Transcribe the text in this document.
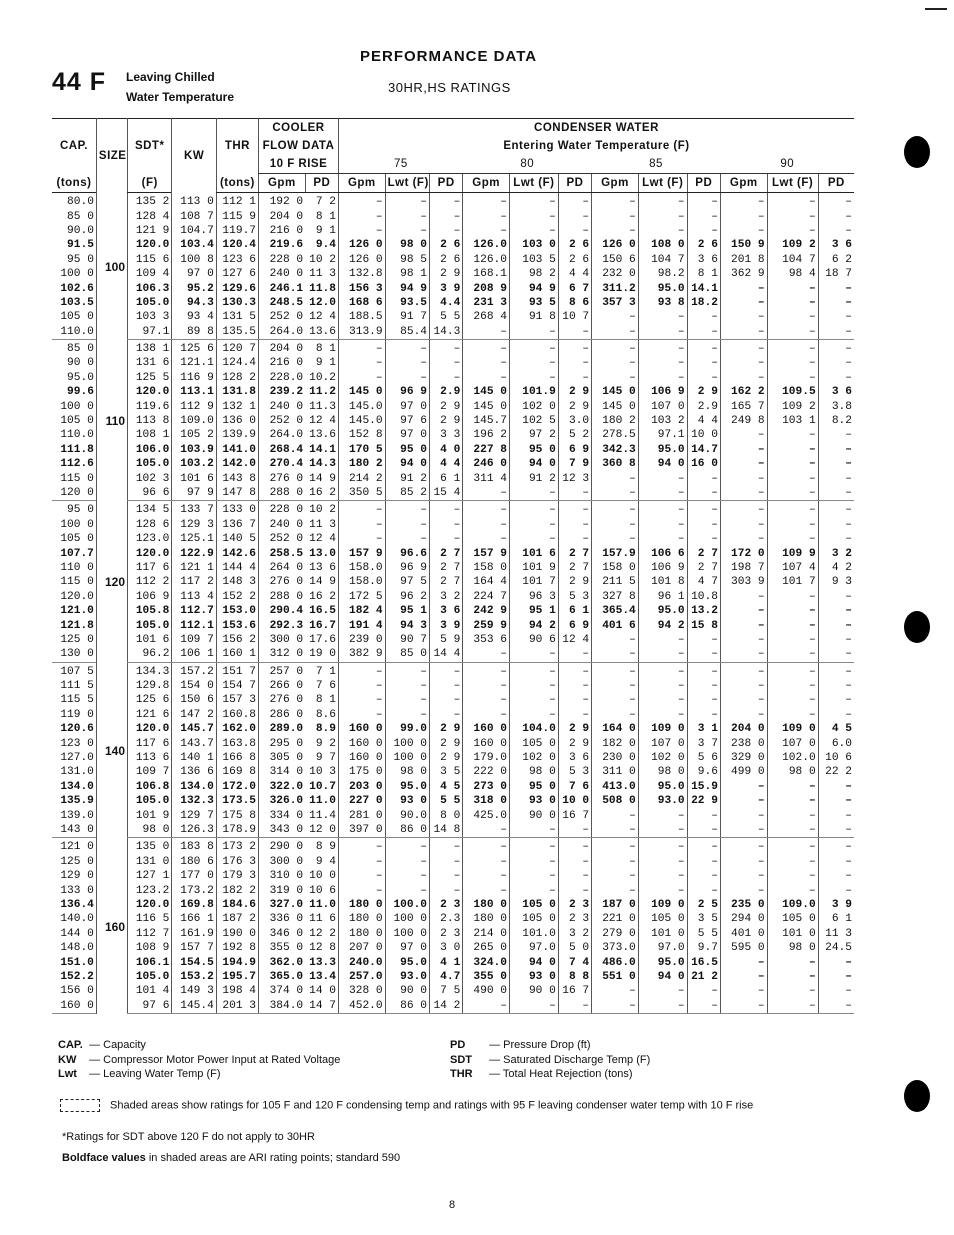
PERFORMANCE DATA
30HR,HS RATINGS
44 F Leaving Chilled
Water Temperature
CAP.	SIZE	SDT*	KW	THR	COOLER		CONDENSER WATER											
					FLOW DATA		Entering Water Temperature (F)											
					10 F RISE		75			80			85			90		
(tons)		(F)		(tons)	Gpm	PD	Gpm	Lwt (F)	PD	Gpm	Lwt (F)	PD	Gpm	Lwt (F)	PD	Gpm	Lwt (F)	PD
80.0	100	135 2	113 0	112 1	192 0	7 2	–	–	–	–	–	–	–	–	–	–	–	–
85 0		128 4	108 7	115 9	204 0	8 1	–	–	–	–	–	–	–	–	–	–	–	–
90.0		121 9	104.7	119.7	216 0	9 1	–	–	–	–	–	–	–	–	–	–	–	–
91.5		120.0	103.4	120.4	219.6	9.4	126 0	98 0	2 6	126.0	103 0	2 6	126 0	108 0	2 6	150 9	109 2	3 6
95 0		115 6	100 8	123 6	228 0	10 2	126 0	98 5	2 6	126.0	103 5	2 6	150 6	104 7	3 6	201 8	104 7	6 2
100 0		109 4	97 0	127 6	240 0	11 3	132.8	98 1	2 9	168.1	98 2	4 4	232 0	98.2	8 1	362 9	98 4	18 7
102.6		106.3	95.2	129.6	246.1	11.8	156 3	94 9	3 9	208 9	94 9	6 7	311.2	95.0	14.1	–	–	–
103.5		105.0	94.3	130.3	248.5	12.0	168 6	93.5	4.4	231 3	93 5	8 6	357 3	93 8	18.2	–	–	–
105 0		103 3	93 4	131 5	252 0	12 4	188.5	91 7	5 5	268 4	91 8	10 7	–	–	–	–	–	–
110.0		97.1	89 8	135.5	264.0	13.6	313.9	85.4	14.3	–	–	–	–	–	–	–	–	–
85 0	110	138 1	125 6	120 7	204 0	8 1	–	–	–	–	–	–	–	–	–	–	–	–
90 0		131 6	121.1	124.4	216 0	9 1	–	–	–	–	–	–	–	–	–	–	–	–
95.0		125 5	116 9	128 2	228.0	10.2	–	–	–	–	–	–	–	–	–	–	–	–
99.6		120.0	113.1	131.8	239.2	11.2	145 0	96 9	2.9	145 0	101.9	2 9	145 0	106 9	2 9	162 2	109.5	3 6
100 0		119.6	112 9	132 1	240 0	11.3	145.0	97 0	2 9	145 0	102 0	2 9	145 0	107 0	2.9	165 7	109 2	3.8
105 0		113 8	109.0	136 0	252 0	12 4	145.0	97 6	2 9	145.7	102 5	3.0	180 2	103 2	4 4	249 8	103 1	8.2
110.0		108 1	105 2	139.9	264.0	13.6	152 8	97 0	3 3	196 2	97 2	5 2	278.5	97.1	10 0	–	–	–
111.8		106.0	103.9	141.0	268.4	14.1	170 5	95 0	4 0	227 8	95 0	6 9	342.3	95.0	14.7	–	–	–
112.6		105.0	103.2	142.0	270.4	14.3	180 2	94 0	4 4	246 0	94 0	7 9	360 8	94 0	16 0	–	–	–
115 0		102 3	101 6	143 8	276 0	14 9	214 2	91 2	6 1	311 4	91 2	12 3	–	–	–	–	–	–
120 0		96 6	97 9	147 8	288 0	16 2	350 5	85 2	15 4	–	–	–	–	–	–	–	–	–
95 0	120	134 5	133 7	133 0	228 0	10 2	–	–	–	–	–	–	–	–	–	–	–	–
100 0		128 6	129 3	136 7	240 0	11 3	–	–	–	–	–	–	–	–	–	–	–	–
105 0		123.0	125.1	140 5	252 0	12 4	–	–	–	–	–	–	–	–	–	–	–	–
107.7		120.0	122.9	142.6	258.5	13.0	157 9	96.6	2 7	157 9	101 6	2 7	157.9	106 6	2 7	172 0	109 9	3 2
110 0		117 6	121 1	144 4	264 0	13 6	158.0	96 9	2 7	158 0	101 9	2 7	158 0	106 9	2 7	198 7	107 4	4 2
115 0		112 2	117 2	148 3	276 0	14 9	158.0	97 5	2 7	164 4	101 7	2 9	211 5	101 8	4 7	303 9	101 7	9 3
120.0		106 9	113 4	152 2	288 0	16 2	172 5	96 2	3 2	224 7	96 3	5 3	327 8	96 1	10.8	–	–	–
121.0		105.8	112.7	153.0	290.4	16.5	182 4	95 1	3 6	242 9	95 1	6 1	365.4	95.0	13.2	–	–	–
121.8		105.0	112.1	153.6	292.3	16.7	191 4	94 3	3 9	259 9	94 2	6 9	401 6	94 2	15 8	–	–	–
125 0		101 6	109 7	156 2	300 0	17.6	239 0	90 7	5 9	353 6	90 6	12 4	–	–	–	–	–	–
130 0		96.2	106 1	160 1	312 0	19 0	382 9	85 0	14 4	–	–	–	–	–	–	–	–	–
107 5	140	134.3	157.2	151 7	257 0	7 1	–	–	–	–	–	–	–	–	–	–	–	–
111 5		129.8	154 0	154 7	266 0	7 6	–	–	–	–	–	–	–	–	–	–	–	–
115 5		125 6	150 6	157 3	276 0	8 1	–	–	–	–	–	–	–	–	–	–	–	–
119 0		121 6	147 2	160.8	286 0	8.6	–	–	–	–	–	–	–	–	–	–	–	–
120.6		120.0	145.7	162.0	289.0	8.9	160 0	99.0	2 9	160 0	104.0	2 9	164 0	109 0	3 1	204 0	109 0	4 5
123 0		117 6	143.7	163.8	295 0	9 2	160 0	100 0	2 9	160 0	105 0	2 9	182 0	107 0	3 7	238 0	107 0	6.0
127.0		113 6	140 1	166 8	305 0	9 7	160 0	100 0	2 9	179.0	102 0	3 6	230 0	102 0	5 6	329 0	102.0	10 6
131.0		109 7	136 6	169 8	314 0	10 3	175 0	98 0	3 5	222 0	98 0	5 3	311 0	98 0	9.6	499 0	98 0	22 2
134.0		106.8	134.0	172.0	322.0	10.7	203 0	95.0	4 5	273 0	95 0	7 6	413.0	95.0	15.9	–	–	–
135.9		105.0	132.3	173.5	326.0	11.0	227 0	93 0	5 5	318 0	93 0	10 0	508 0	93.0	22 9	–	–	–
139.0		101 9	129 7	175 8	334 0	11.4	281 0	90.0	8 0	425.0	90 0	16 7	–	–	–	–	–	–
143 0		98 0	126.3	178.9	343 0	12 0	397 0	86 0	14 8	–	–	–	–	–	–	–	–	–
121 0	160	135 0	183 8	173 2	290 0	8 9	–	–	–	–	–	–	–	–	–	–	–	–
125 0		131 0	180 6	176 3	300 0	9 4	–	–	–	–	–	–	–	–	–	–	–	–
129 0		127 1	177 0	179 3	310 0	10 0	–	–	–	–	–	–	–	–	–	–	–	–
133 0		123.2	173.2	182 2	319 0	10 6	–	–	–	–	–	–	–	–	–	–	–	–
136.4		120.0	169.8	184.6	327.0	11.0	180 0	100.0	2 3	180 0	105 0	2 3	187 0	109 0	2 5	235 0	109.0	3 9
140.0		116 5	166 1	187 2	336 0	11 6	180 0	100 0	2.3	180 0	105 0	2 3	221 0	105 0	3 5	294 0	105 0	6 1
144 0		112 7	161.9	190 0	346 0	12 2	180 0	100 0	2 3	214 0	101.0	3 2	279 0	101 0	5 5	401 0	101 0	11 3
148.0		108 9	157 7	192 8	355 0	12 8	207 0	97 0	3 0	265 0	97.0	5 0	373.0	97.0	9.7	595 0	98 0	24.5
151.0		106.1	154.5	194.9	362.0	13.3	240.0	95.0	4 1	324.0	94 0	7 4	486.0	95.0	16.5	–	–	–
152.2		105.0	153.2	195.7	365.0	13.4	257.0	93.0	4.7	355 0	93 0	8 8	551 0	94 0	21 2	–	–	–
156 0		101 4	149 3	198 4	374 0	14 0	328 0	90 0	7 5	490 0	90 0	16 7	–	–	–	–	–	–
160 0		97 6	145.4	201 3	384.0	14 7	452.0	86 0	14 2	–	–	–	–	–	–	–	–	–
CAP. — Capacity
KW — Compressor Motor Power Input at Rated Voltage
Lwt — Leaving Water Temp (F)
PD — Pressure Drop (ft)
SDT — Saturated Discharge Temp (F)
THR — Total Heat Rejection (tons)
Shaded areas show ratings for 105 F and 120 F condensing temp and ratings with 95 F leaving condenser water temp with 10 F rise
*Ratings for SDT above 120 F do not apply to 30HR
Boldface values in shaded areas are ARI rating points; standard 590
8
